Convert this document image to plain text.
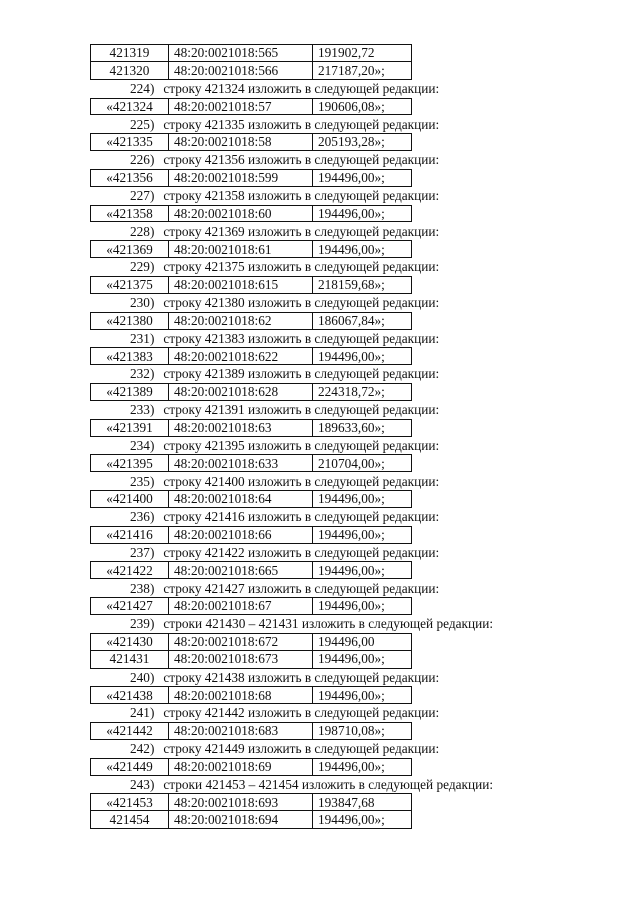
421319	48:20:0021018:565	191902,72
421320	48:20:0021018:566	217187,20»;
224) строку 421324 изложить в следующей редакции:
«421324	48:20:0021018:57	190606,08»;
225) строку 421335 изложить в следующей редакции:
«421335	48:20:0021018:58	205193,28»;
226) строку 421356 изложить в следующей редакции:
«421356	48:20:0021018:599	194496,00»;
227) строку 421358 изложить в следующей редакции:
«421358	48:20:0021018:60	194496,00»;
228) строку 421369 изложить в следующей редакции:
«421369	48:20:0021018:61	194496,00»;
229) строку 421375 изложить в следующей редакции:
«421375	48:20:0021018:615	218159,68»;
230) строку 421380 изложить в следующей редакции:
«421380	48:20:0021018:62	186067,84»;
231) строку 421383 изложить в следующей редакции:
«421383	48:20:0021018:622	194496,00»;
232) строку 421389 изложить в следующей редакции:
«421389	48:20:0021018:628	224318,72»;
233) строку 421391 изложить в следующей редакции:
«421391	48:20:0021018:63	189633,60»;
234) строку 421395 изложить в следующей редакции:
«421395	48:20:0021018:633	210704,00»;
235) строку 421400 изложить в следующей редакции:
«421400	48:20:0021018:64	194496,00»;
236) строку 421416 изложить в следующей редакции:
«421416	48:20:0021018:66	194496,00»;
237) строку 421422 изложить в следующей редакции:
«421422	48:20:0021018:665	194496,00»;
238) строку 421427 изложить в следующей редакции:
«421427	48:20:0021018:67	194496,00»;
239) строки 421430 – 421431 изложить в следующей редакции:
«421430	48:20:0021018:672	194496,00
421431	48:20:0021018:673	194496,00»;
240) строку 421438 изложить в следующей редакции:
«421438	48:20:0021018:68	194496,00»;
241) строку 421442 изложить в следующей редакции:
«421442	48:20:0021018:683	198710,08»;
242) строку 421449 изложить в следующей редакции:
«421449	48:20:0021018:69	194496,00»;
243) строки 421453 – 421454 изложить в следующей редакции:
«421453	48:20:0021018:693	193847,68
421454	48:20:0021018:694	194496,00»;
